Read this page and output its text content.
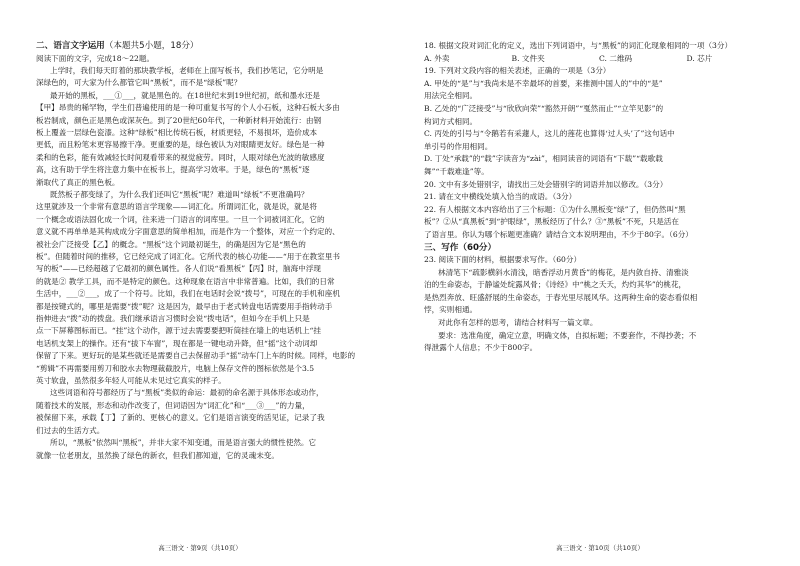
二、语言文字运用（本题共5小题，18分）
阅读下面的文字，完成18～22题。
上学时，我们每天盯着的那块教学板，老师在上面写板书，我们抄笔记，它分明是
深绿色的，可大家为什么都管它叫“黑板”，而不是“绿板”呢？
最开始的黑板，___①___，就是黑色的。在18世纪末到19世纪初，纸和墨水还是
【甲】昂贵的稀罕物，学生们普遍使用的是一种可重复书写的个人小石板，这种石板大多由
板岩制成，颜色正是黑色或深灰色。到了20世纪60年代，一种新材料开始流行：由钢
板上覆盖一层绿色瓷漆。这种“绿板”相比传统石板，材质更轻，不易损坏，造价成本
更低，而且粉笔末更容易擦干净。更重要的是，绿色被认为对眼睛更友好。绿色是一种
柔和的色彩，能有效减轻长时间观看带来的视觉疲劳。同时，人眼对绿色光波的敏感度
高，这有助于学生将注意力集中在板书上，提高学习效率。于是，绿色的“黑板”逐
渐取代了真正的黑色板。
既然板子都变绿了，为什么我们还叫它“黑板”呢？难道叫“绿板”不更准确吗？
这里就涉及一个非常有意思的语言学现象——词汇化。所谓词汇化，就是说，就是将
一个概念或语法固化成一个词，往来进一门语言的词库里。一旦一个词被词汇化，它的
意义就不再单单是其构成成分字面意思的简单相加，而是作为一个整体，对应一个约定的、
被社会广泛接受【乙】的概念。“黑板”这个词最初诞生，的确是因为它是“黑色的
板”。但随着时间的推移，它已经完成了词汇化。它所代表的核心功能——“用于在教室里书
写的板”——已经超越了它最初的颜色属性。各人们说“看黑板”【丙】时，脑海中浮现
的就是② 教学工具，而不是特定的颜色。这种现象在语言中非常普遍。比如，我们的日常
生活中，___②___，成了一个符号。比如，我们在电话时会说“拨号”，可现在的手机和座机
都是按键式的，哪里是需要“拨”呢？这是因为，最早由于老式转盘电话需要用手指转动手
指伸进去“拨”动的拨盘。我们继承语言习惯时会说“拨电话”，但如今在手机上只是
点一下屏幕图标而已。“挂”这个动作，源于过去需要要把听筒挂在墙上的电话机上“挂
电话机支架上的操作。还有“拔下车窗”，现在都是一键电动升降，但“摇”这个动词却
保留了下来。更好玩的是某些就还是需要自己去保留动手“摇”动车门上车的时候。同样，电影的
“剪辑”不再需要用剪刀和胶水去物理裁截胶片，电脑上保存文件的图标依然是个3.5
英寸软盘，虽然很多年轻人可能从未见过它真实的样子。
这些词语和符号都经历了与“黑板”类似的命运：最初的命名源于具体形态或动作，
随着技术的发展，形态和动作改变了，但词语因为“词汇化”和“___③___”的力量，
被保留下来，承载【丁】了新的、更核心的意义。它们是语言演变的活见证，记录了我
们过去的生活方式。
所以，“黑板”依然叫“黑板”，并非大家不知变通，而是语言强大的惯性使然。它
就像一位老朋友，虽然换了绿色的新衣，但我们都知道，它的灵魂未变。
高三语文 · 第9页（共10页）
18. 根据文段对词汇化的定义，选出下列词语中，与“黑板”的词汇化现象相同的一项（3分）
A. 外卖	B. 文件夹	C. 二维码	D. 芯片
19. 下列对文段内容的相关表述，正确的一项是（3分）
A. 甲处的“是”与“我尚未是不幸最坏的首要，来推测中国人的”中的“是”
用法完全相同。
B. 乙处的“广泛接受”与“欣欣向荣”“豁然开朗”“戛然而止”“立竿见影”的
构词方式相同。
C. 丙处的引号与“令鹅若有采蘧人，这儿的莲花也算得‘过人头’了”这句话中
单引号的作用相同。
D. 丁处“承载”的“载”字读音为“zài”，相同读音的词语有“下载”“载歌载
舞”“千载难逢”等。
20. 文中有多处错别字，请找出三处会错别字的词语并加以修改。（3分）
21. 请在文中横线处填入恰当的成语。（3分）
22. 有人根据文本内容给出了三个标题：①为什么黑板变“绿”了，但仍然叫“黑
板”？②从“真黑板”到“护眼绿”，黑板经历了什么？③“黑板”不死，只是活在
了语言里。你认为哪个标题更准确？请结合文本说明理由，不少于80字。（6分）
三、写作（60分）
23. 阅读下面的材料，根据要求写作。（60分）
林清笔下“疏影横斜水清浅，暗香浮动月黄昏”的梅花，是内敛自持、清雅淡
泊的生命姿态，于静谧处绽露风骨；《诗经》中“桃之夭夭，灼灼其华”的桃花，
是热烈奔放、旺盛舒展的生命姿态，于春光里尽展风华。这两种生命的姿态看似相
悖，实则相通。
对此你有怎样的思考，请结合材料写一篇文章。
要求：选准角度，确定立意，明确文体，自拟标题；不要套作，不得抄袭；不
得泄露个人信息；不少于800字。
高三语文 · 第10页（共10页）
